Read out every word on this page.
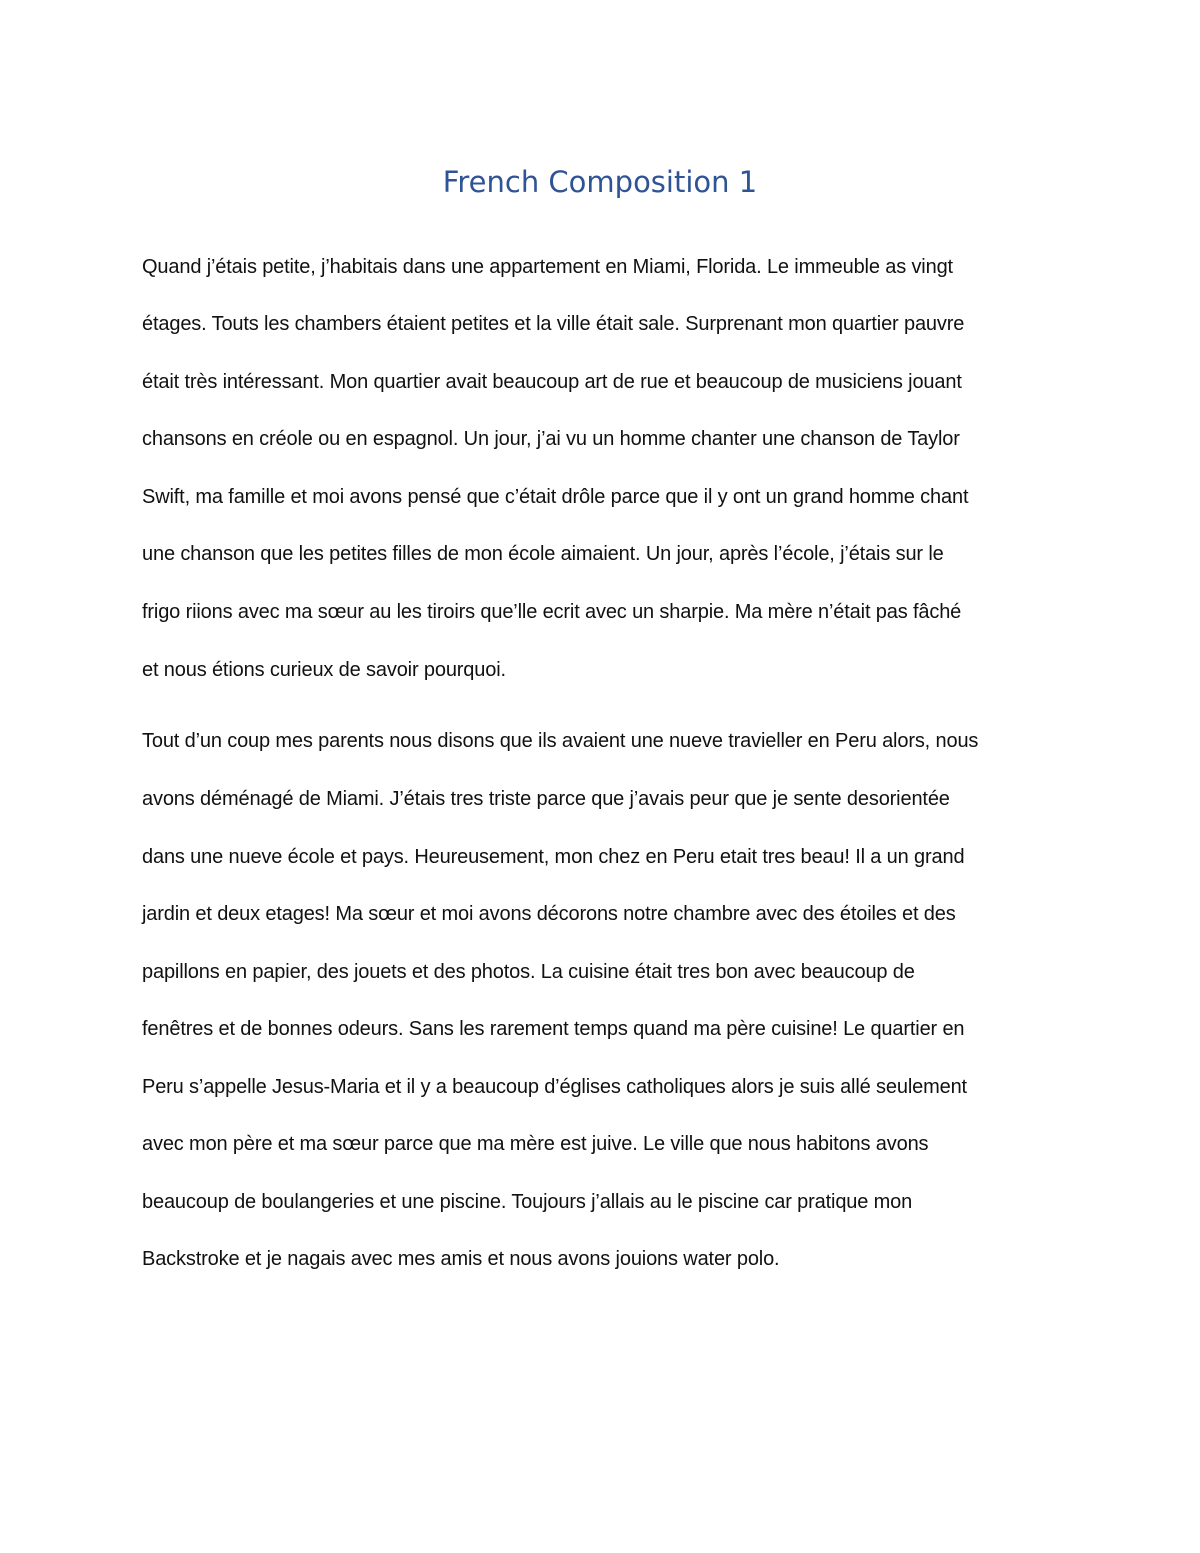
French Composition 1

Quand j’étais petite, j’habitais dans une appartement en Miami, Florida. Le immeuble as vingt

étages. Touts les chambers étaient petites et la ville était sale. Surprenant mon quartier pauvre

était très intéressant. Mon quartier avait beaucoup art de rue et beaucoup de musiciens jouant

chansons en créole ou en espagnol. Un jour, j’ai vu un homme chanter une chanson de Taylor

Swift, ma famille et moi avons pensé que c’était drôle parce que il y ont un grand homme chant

une chanson que les petites filles de mon école aimaient. Un jour, après l’école, j’étais sur le

frigo riions avec ma sœur au les tiroirs que’lle ecrit avec un sharpie. Ma mère n’était pas fâché

et nous étions curieux de savoir pourquoi.

Tout d’un coup mes parents nous disons que ils avaient une nueve travieller en Peru alors, nous

avons déménagé de Miami. J’étais tres triste parce que j’avais peur que je sente desorientée

dans une nueve école et pays. Heureusement, mon chez en Peru etait tres beau! Il a un grand

jardin et deux etages! Ma sœur et moi avons décorons notre chambre avec des étoiles et des

papillons en papier, des jouets et des photos. La cuisine était tres bon avec beaucoup de

fenêtres et de bonnes odeurs. Sans les rarement temps quand ma père cuisine! Le quartier en

Peru s’appelle Jesus-Maria et il y a beaucoup d’églises catholiques alors je suis allé seulement

avec mon père et ma sœur parce que ma mère est juive. Le ville que nous habitons avons

beaucoup de boulangeries et une piscine. Toujours j’allais au le piscine car pratique mon

Backstroke et je nagais avec mes amis et nous avons jouions water polo.
